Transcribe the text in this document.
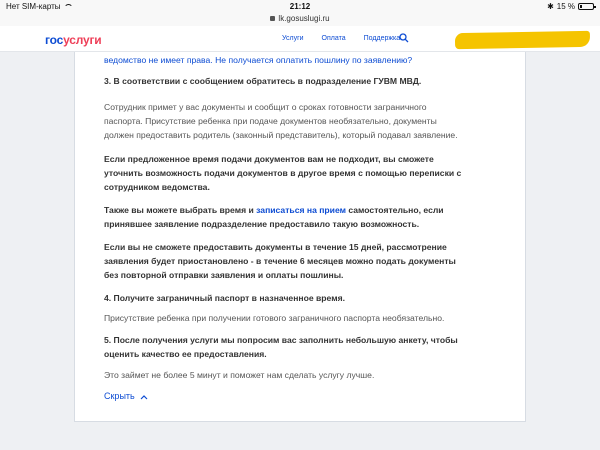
Нет SIM-карты	21:12	✱ 15 %
lk.gosuslugi.ru
госуслуги	Услуги	Оплата	Поддержка

ведомство не имеет права. Не получается оплатить пошлину по заявлению?

3. В соответствии с сообщением обратитесь в подразделение ГУВМ МВД.

Сотрудник примет у вас документы и сообщит о сроках готовности заграничного

паспорта. Присутствие ребенка при подаче документов необязательно, документы

должен предоставить родитель (законный представитель), который подавал заявление.

Если предложенное время подачи документов вам не подходит, вы сможете

уточнить возможность подачи документов в другое время с помощью переписки с

сотрудником ведомства.

Также вы можете выбрать время и записаться на прием самостоятельно, если

принявшее заявление подразделение предоставило такую возможность.

Если вы не сможете предоставить документы в течение 15 дней, рассмотрение

заявления будет приостановлено - в течение 6 месяцев можно подать документы

без повторной отправки заявления и оплаты пошлины.

4. Получите заграничный паспорт в назначенное время.

Присутствие ребенка при получении готового заграничного паспорта необязательно.

5. После получения услуги мы попросим вас заполнить небольшую анкету, чтобы

оценить качество ее предоставления.

Это займет не более 5 минут и поможет нам сделать услугу лучше.

Скрыть
